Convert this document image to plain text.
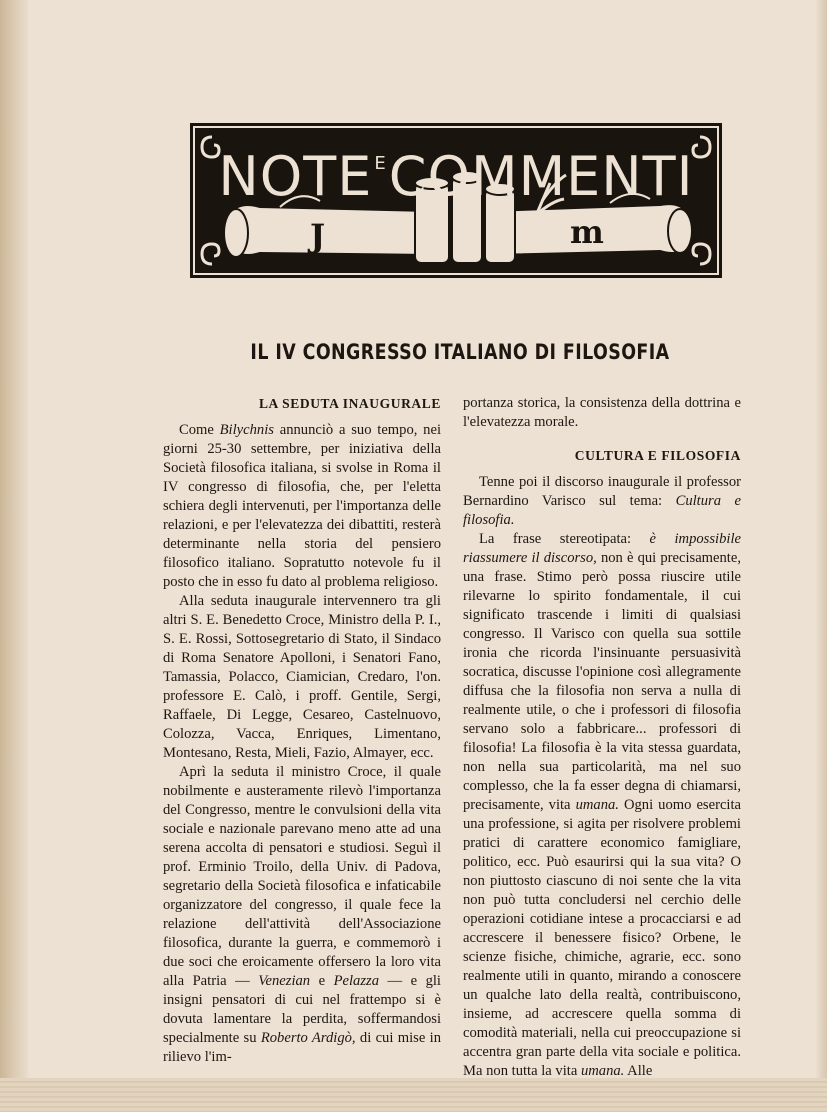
J	m
NOTE $^E$COMMENTI
IL IV CONGRESSO ITALIANO DI FILOSOFIA
LA SEDUTA INAUGURALE

Come Bilychnis annunciò a suo tempo, nei giorni 25-30 settembre, per iniziativa della Società filosofica italiana, si svolse in Roma il IV congresso di filosofia, che, per l'eletta schiera degli intervenuti, per l'importanza delle relazioni, e per l'elevatezza dei dibattiti, resterà determinante nella storia del pensiero filosofico italiano. Sopratutto notevole fu il posto che in esso fu dato al problema religioso.

Alla seduta inaugurale intervennero tra gli altri S. E. Benedetto Croce, Ministro della P. I., S. E. Rossi, Sottosegretario di Stato, il Sindaco di Roma Senatore Apolloni, i Senatori Fano, Tamassia, Polacco, Ciamician, Credaro, l'on. professore E. Calò, i proff. Gentile, Sergi, Raffaele, Di Legge, Cesareo, Castelnuovo, Colozza, Vacca, Enriques, Limentano, Montesano, Resta, Mieli, Fazio, Almayer, ecc.

Aprì la seduta il ministro Croce, il quale nobilmente e austeramente rilevò l'importanza del Congresso, mentre le convulsioni della vita sociale e nazionale parevano meno atte ad una serena accolta di pensatori e studiosi. Seguì il prof. Erminio Troilo, della Univ. di Padova, segretario della Società filosofica e infaticabile organizzatore del congresso, il quale fece la relazione dell'attività dell'Associazione filosofica, durante la guerra, e commemorò i due soci che eroicamente offersero la loro vita alla Patria — Venezian e Pelazza — e gli insigni pensatori di cui nel frattempo si è dovuta lamentare la perdita, soffermandosi specialmente su Roberto Ardigò, di cui mise in rilievo l'im-

portanza storica, la consistenza della dottrina e l'elevatezza morale.

CULTURA E FILOSOFIA

Tenne poi il discorso inaugurale il professor Bernardino Varisco sul tema: Cultura e filosofia.

La frase stereotipata: è impossibile riassumere il discorso, non è qui precisamente, una frase. Stimo però possa riuscire utile rilevarne lo spirito fondamentale, il cui significato trascende i limiti di qualsiasi congresso. Il Varisco con quella sua sottile ironia che ricorda l'insinuante persuasività socratica, discusse l'opinione così allegramente diffusa che la filosofia non serva a nulla di realmente utile, o che i professori di filosofia servano solo a fabbricare... professori di filosofia! La filosofia è la vita stessa guardata, non nella sua particolarità, ma nel suo complesso, che la fa esser degna di chiamarsi, precisamente, vita umana. Ogni uomo esercita una professione, si agita per risolvere problemi pratici di carattere economico famigliare, politico, ecc. Può esaurirsi qui la sua vita? O non piuttosto ciascuno di noi sente che la vita non può tutta concludersi nel cerchio delle operazioni cotidiane intese a procacciarsi e ad accrescere il benessere fisico? Orbene, le scienze fisiche, chimiche, agrarie, ecc. sono realmente utili in quanto, mirando a conoscere un qualche lato della realtà, contribuiscono, insieme, ad accrescere quella somma di comodità materiali, nella cui preoccupazione si accentra gran parte della vita sociale e politica. Ma non tutta la vita umana. Alle
